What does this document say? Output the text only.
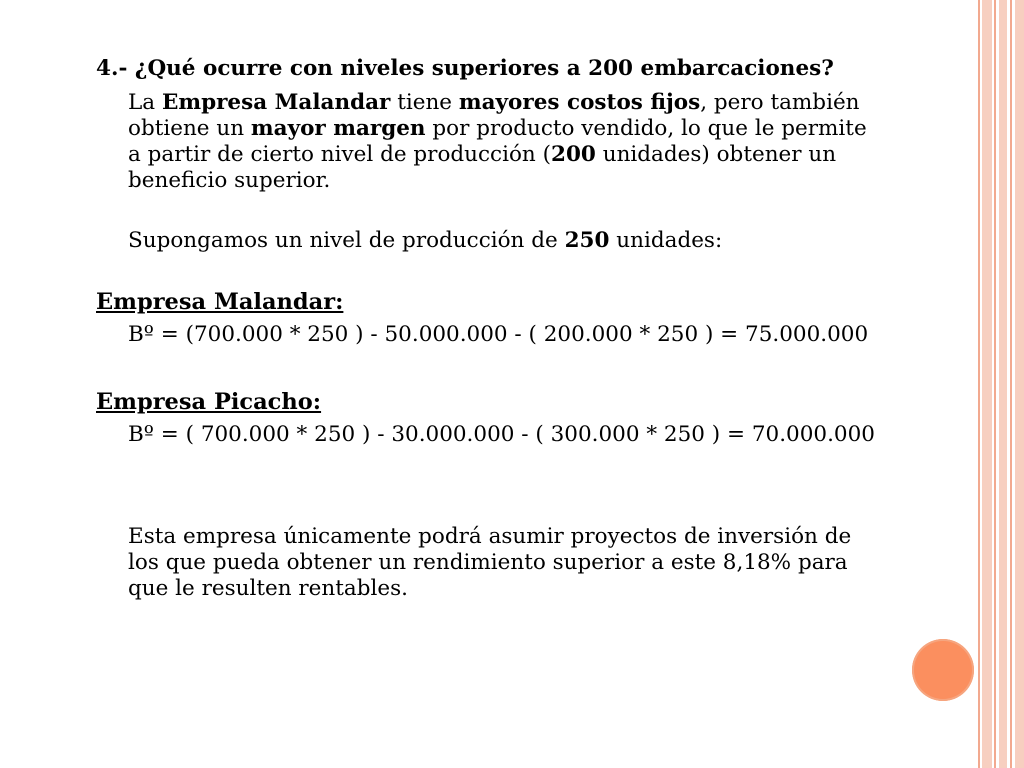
4.- ¿Qué ocurre con niveles superiores a 200 embarcaciones?

La Empresa Malandar tiene mayores costos fijos, pero también obtiene un mayor margen por producto vendido, lo que le permite a partir de cierto nivel de producción (200 unidades) obtener un beneficio superior.

Supongamos un nivel de producción de 250 unidades:

Empresa Malandar:

Bº = (700.000 * 250 ) - 50.000.000 - ( 200.000 * 250 ) = 75.000.000

Empresa Picacho:

Bº = ( 700.000 * 250 ) - 30.000.000 - ( 300.000 * 250 ) = 70.000.000

Esta empresa únicamente podrá asumir proyectos de inversión de los que pueda obtener un rendimiento superior a este 8,18% para que le resulten rentables.
